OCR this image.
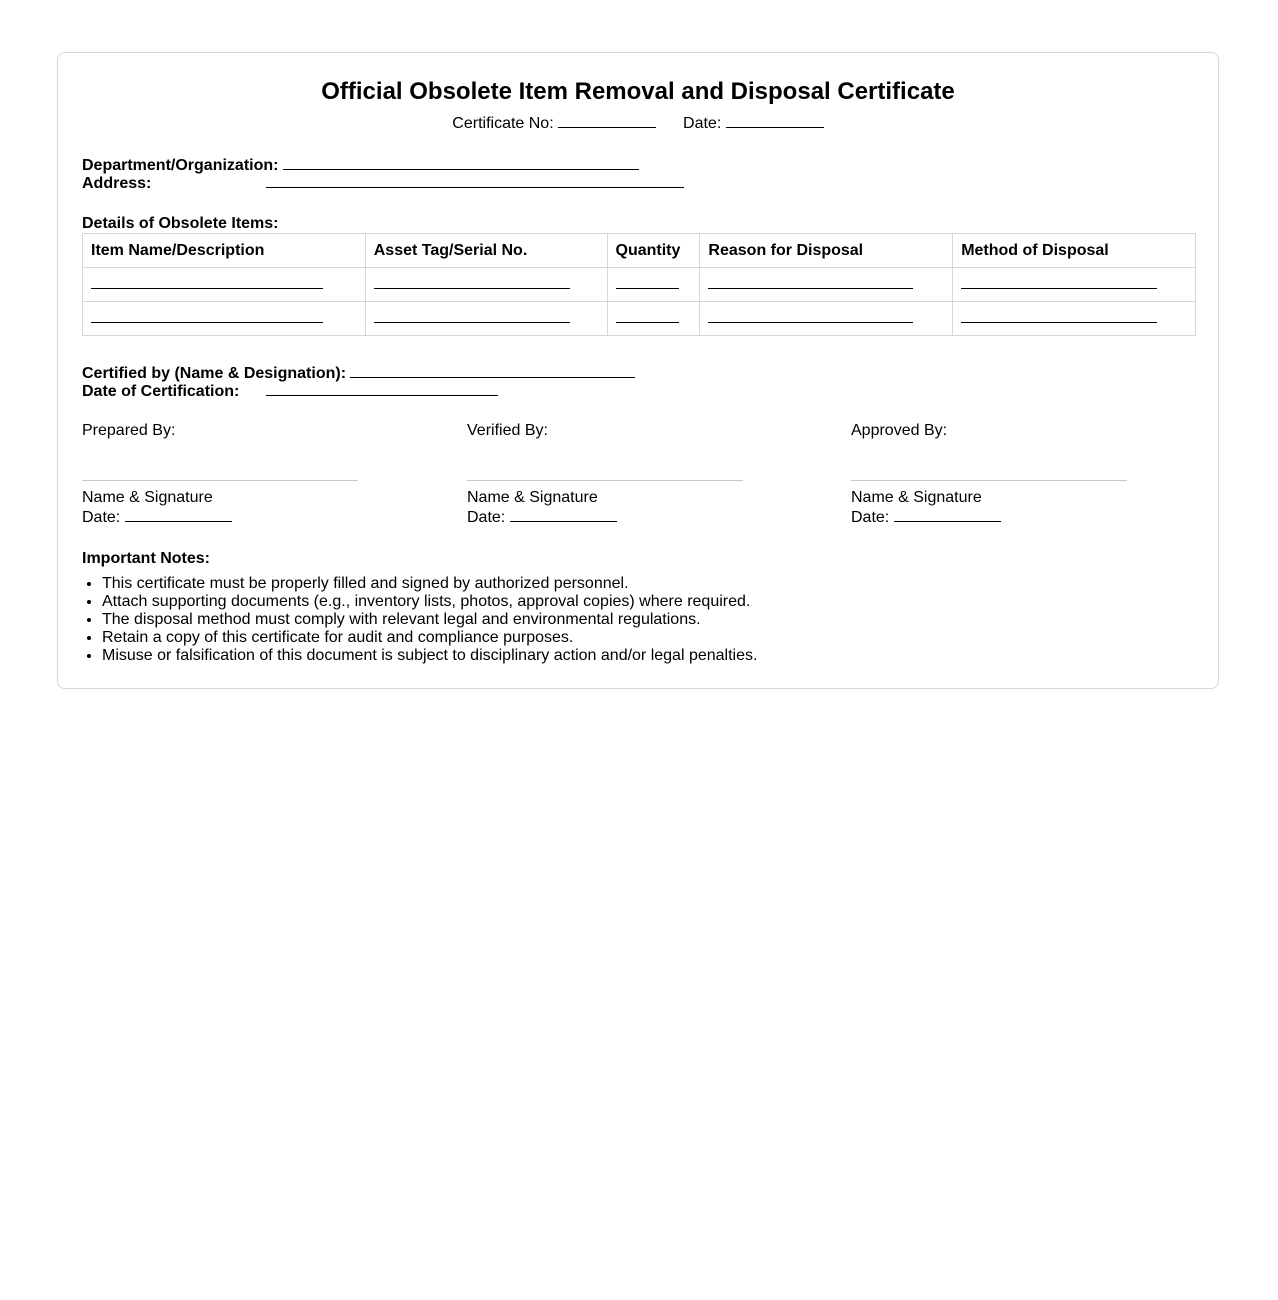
Official Obsolete Item Removal and Disposal Certificate
Certificate No:	Date:
Department/Organization:
Address:
Details of Obsolete Items:
Item Name/Description	Asset Tag/Serial No.	Quantity	Reason for Disposal	Method of Disposal

Certified by (Name & Designation):
Date of Certification:
Prepared By:
Name & Signature
Date:
Verified By:
Name & Signature
Date:
Approved By:
Name & Signature
Date:
Important Notes:
• This certificate must be properly filled and signed by authorized personnel.
• Attach supporting documents (e.g., inventory lists, photos, approval copies) where required.
• The disposal method must comply with relevant legal and environmental regulations.
• Retain a copy of this certificate for audit and compliance purposes.
• Misuse or falsification of this document is subject to disciplinary action and/or legal penalties.
